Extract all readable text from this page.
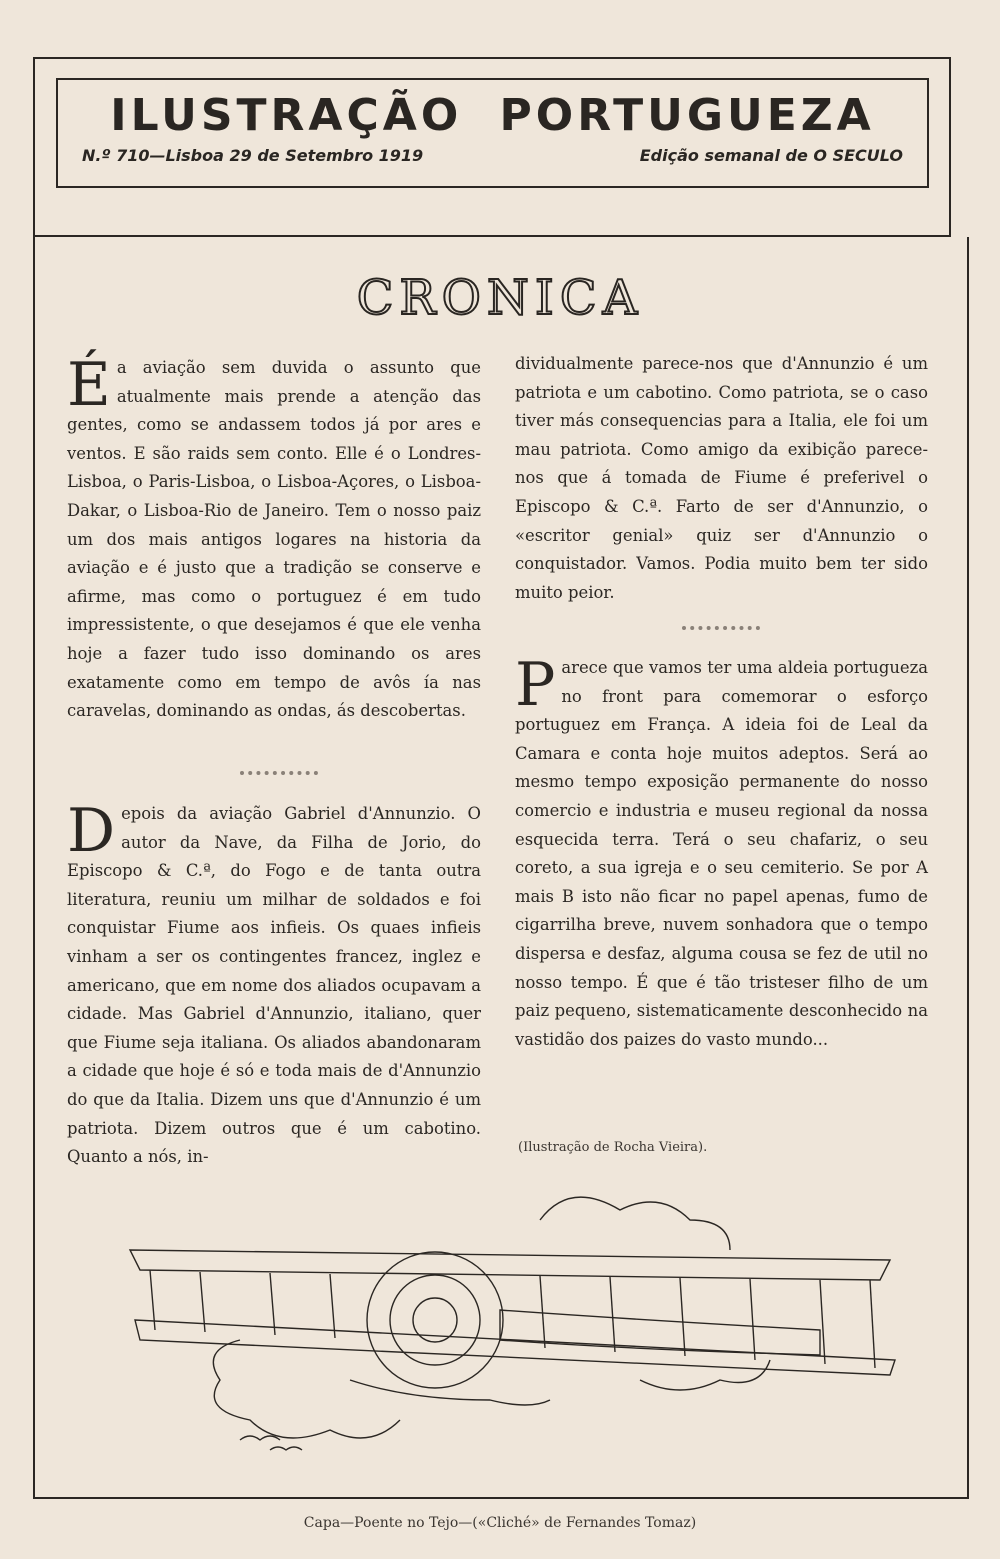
ILUSTRAÇÃO PORTUGUEZA
N.º 710—Lisboa 29 de Setembro 1919	Edição semanal de O SECULO
CRONICA

Éa aviação sem duvida o assunto que atualmente mais prende a atenção das gentes, como se andassem todos já por ares e ventos. E são raids sem conto. Elle é o Londres-Lisboa, o Paris-Lisboa, o Lisboa-Açores, o Lisboa-Dakar, o Lisboa-Rio de Janeiro. Tem o nosso paiz um dos mais antigos logares na historia da aviação e é justo que a tradição se conserve e afirme, mas como o portuguez é em tudo impressistente, o que desejamos é que ele venha hoje a fazer tudo isso dominando os ares exatamente como em tempo de avôs ía nas caravelas, dominando as ondas, ás descobertas.

Depois da aviação Gabriel d'Annunzio. O autor da Nave, da Filha de Jorio, do Episcopo & C.ª, do Fogo e de tanta outra literatura, reuniu um milhar de soldados e foi conquistar Fiume aos infieis. Os quaes infieis vinham a ser os contingentes francez, inglez e americano, que em nome dos aliados ocupavam a cidade. Mas Gabriel d'Annunzio, italiano, quer que Fiume seja italiana. Os aliados abandonaram a cidade que hoje é só e toda mais de d'Annunzio do que da Italia. Dizem uns que d'Annunzio é um patriota. Dizem outros que é um cabotino. Quanto a nós, in-

dividualmente parece-nos que d'Annunzio é um patriota e um cabotino. Como patriota, se o caso tiver más consequencias para a Italia, ele foi um mau patriota. Como amigo da exibição parece-nos que á tomada de Fiume é preferivel o Episcopo & C.ª. Farto de ser d'Annunzio, o «escritor genial» quiz ser d'Annunzio o conquistador. Vamos. Podia muito bem ter sido muito peior.

Parece que vamos ter uma aldeia portugueza no front para comemorar o esforço portuguez em França. A ideia foi de Leal da Camara e conta hoje muitos adeptos. Será ao mesmo tempo exposição permanente do nosso comercio e industria e museu regional da nossa esquecida terra. Terá o seu chafariz, o seu coreto, a sua igreja e o seu cemiterio. Se por A mais B isto não ficar no papel apenas, fumo de cigarrilha breve, nuvem sonhadora que o tempo dispersa e desfaz, alguma cousa se fez de util no nosso tempo. É que é tão tristeser filho de um paiz pequeno, sistematicamente desconhecido na vastidão dos paizes do vasto mundo...

(Ilustração de Rocha Vieira).
Capa—Poente no Tejo—(«Cliché» de Fernandes Tomaz)
